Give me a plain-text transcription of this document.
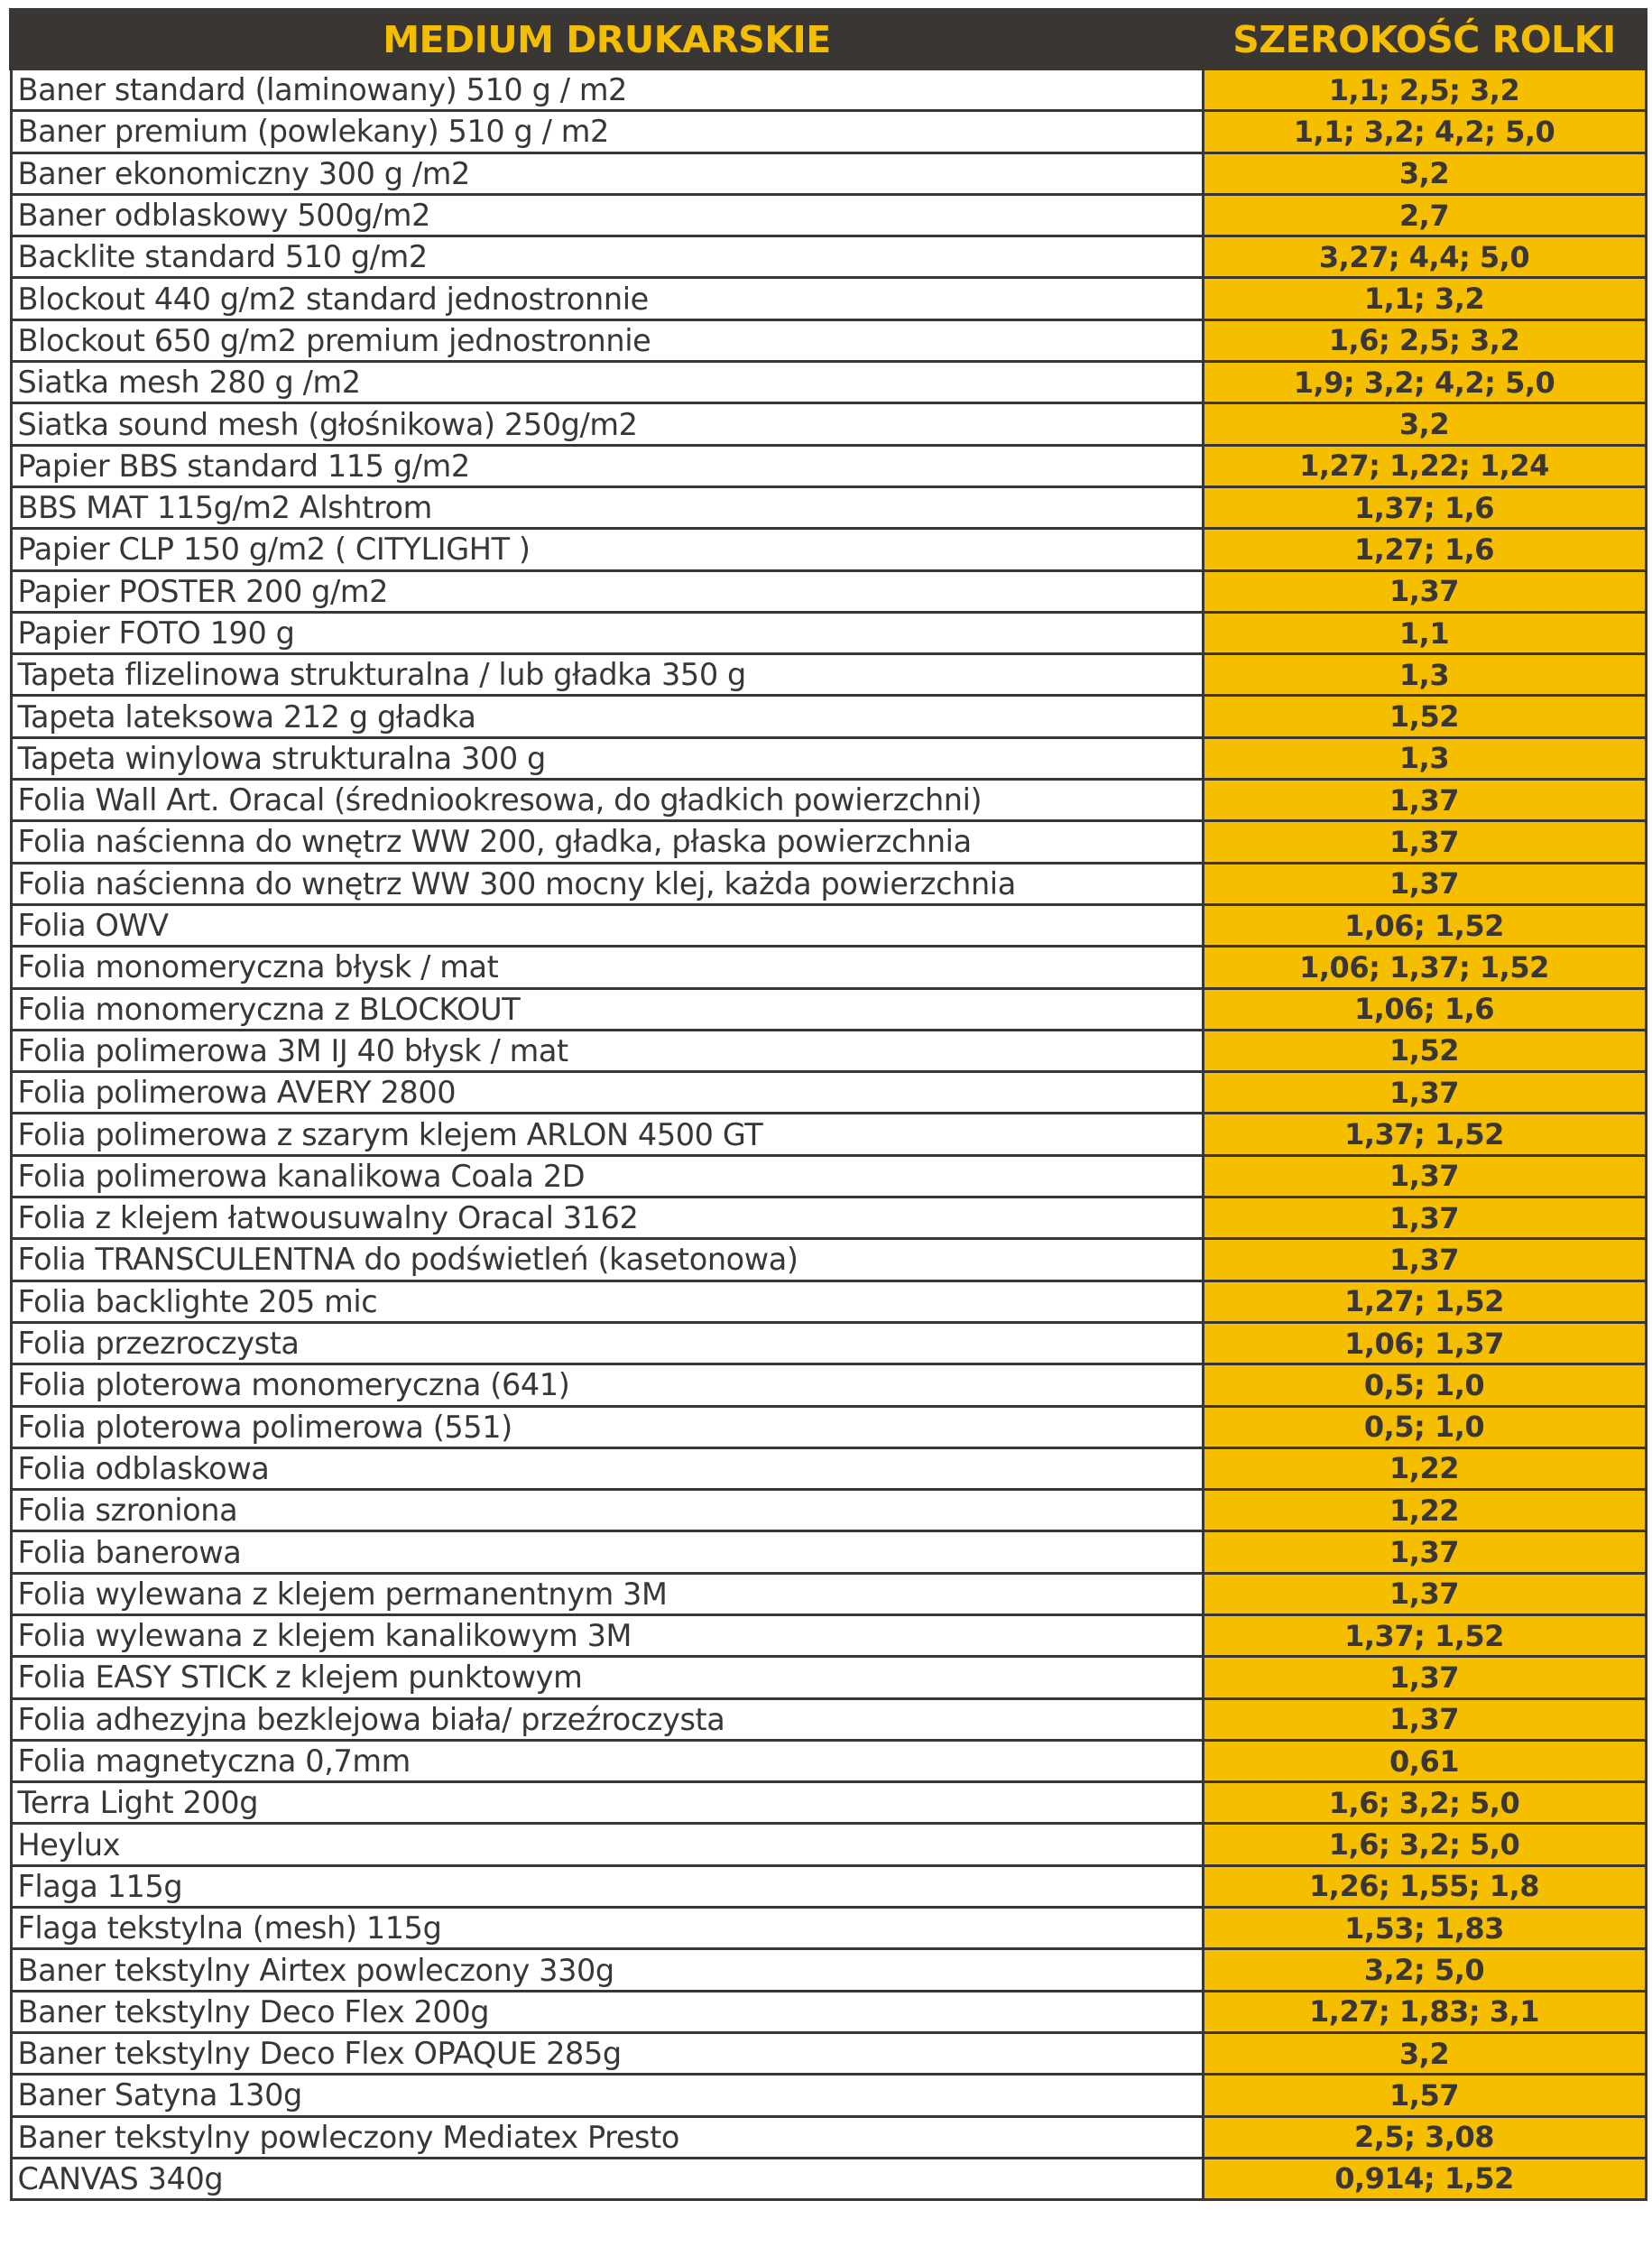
MEDIUM DRUKARSKIE	SZEROKOŚĆ ROLKI
Baner standard (laminowany) 510 g / m2	1,1; 2,5; 3,2
Baner premium (powlekany) 510 g / m2	1,1; 3,2; 4,2; 5,0
Baner ekonomiczny 300 g /m2	3,2
Baner odblaskowy 500g/m2	2,7
Backlite standard 510 g/m2	3,27; 4,4; 5,0
Blockout 440 g/m2 standard jednostronnie	1,1; 3,2
Blockout 650 g/m2 premium jednostronnie	1,6; 2,5; 3,2
Siatka mesh 280 g /m2	1,9; 3,2; 4,2; 5,0
Siatka sound mesh (głośnikowa) 250g/m2	3,2
Papier BBS standard 115 g/m2	1,27; 1,22; 1,24
BBS MAT 115g/m2 Alshtrom	1,37; 1,6
Papier CLP 150 g/m2 ( CITYLIGHT )	1,27; 1,6
Papier POSTER 200 g/m2	1,37
Papier FOTO 190 g	1,1
Tapeta flizelinowa strukturalna / lub gładka 350 g	1,3
Tapeta lateksowa 212 g gładka	1,52
Tapeta winylowa strukturalna 300 g	1,3
Folia Wall Art. Oracal (średniookresowa, do gładkich powierzchni)	1,37
Folia naścienna do wnętrz WW 200, gładka, płaska powierzchnia	1,37
Folia naścienna do wnętrz WW 300 mocny klej, każda powierzchnia	1,37
Folia OWV	1,06; 1,52
Folia monomeryczna błysk / mat	1,06; 1,37; 1,52
Folia monomeryczna z BLOCKOUT	1,06; 1,6
Folia polimerowa 3M IJ 40 błysk / mat	1,52
Folia polimerowa AVERY 2800	1,37
Folia polimerowa z szarym klejem ARLON 4500 GT	1,37; 1,52
Folia polimerowa kanalikowa Coala 2D	1,37
Folia z klejem łatwousuwalny Oracal 3162	1,37
Folia TRANSCULENTNA do podświetleń (kasetonowa)	1,37
Folia backlighte 205 mic	1,27; 1,52
Folia przezroczysta	1,06; 1,37
Folia ploterowa monomeryczna (641)	0,5; 1,0
Folia ploterowa polimerowa (551)	0,5; 1,0
Folia odblaskowa	1,22
Folia szroniona	1,22
Folia banerowa	1,37
Folia wylewana z klejem permanentnym 3M	1,37
Folia wylewana z klejem kanalikowym 3M	1,37; 1,52
Folia EASY STICK z klejem punktowym	1,37
Folia adhezyjna bezklejowa biała/ przeźroczysta	1,37
Folia magnetyczna 0,7mm	0,61
Terra Light 200g	1,6; 3,2; 5,0
Heylux	1,6; 3,2; 5,0
Flaga 115g	1,26; 1,55; 1,8
Flaga tekstylna (mesh) 115g	1,53; 1,83
Baner tekstylny Airtex powleczony 330g	3,2; 5,0
Baner tekstylny Deco Flex 200g	1,27; 1,83; 3,1
Baner tekstylny Deco Flex OPAQUE 285g	3,2
Baner Satyna 130g	1,57
Baner tekstylny powleczony Mediatex Presto	2,5; 3,08
CANVAS 340g	0,914; 1,52
